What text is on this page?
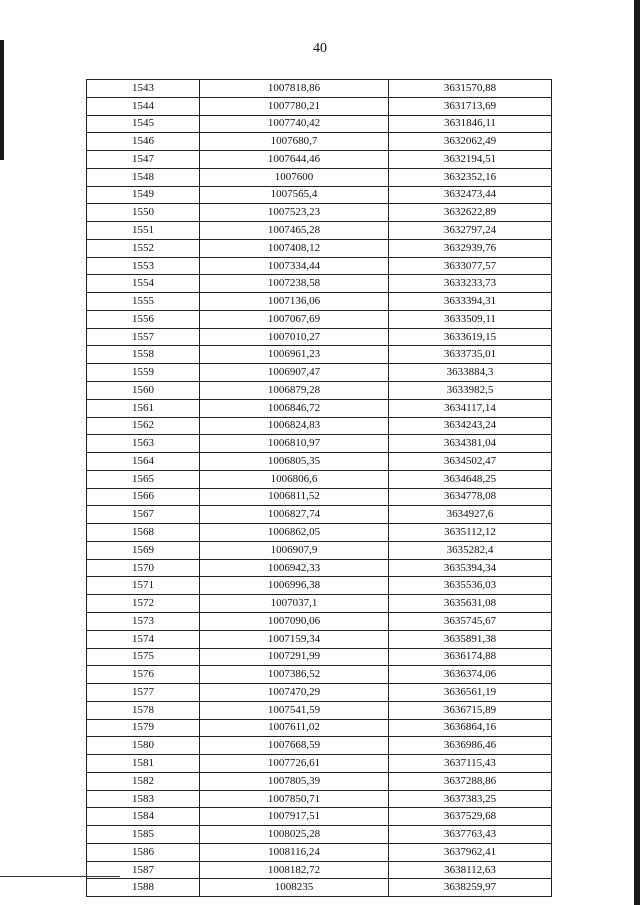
40
1543	1007818,86	3631570,88
1544	1007780,21	3631713,69
1545	1007740,42	3631846,11
1546	1007680,7	3632062,49
1547	1007644,46	3632194,51
1548	1007600	3632352,16
1549	1007565,4	3632473,44
1550	1007523,23	3632622,89
1551	1007465,28	3632797,24
1552	1007408,12	3632939,76
1553	1007334,44	3633077,57
1554	1007238,58	3633233,73
1555	1007136,06	3633394,31
1556	1007067,69	3633509,11
1557	1007010,27	3633619,15
1558	1006961,23	3633735,01
1559	1006907,47	3633884,3
1560	1006879,28	3633982,5
1561	1006846,72	3634117,14
1562	1006824,83	3634243,24
1563	1006810,97	3634381,04
1564	1006805,35	3634502,47
1565	1006806,6	3634648,25
1566	1006811,52	3634778,08
1567	1006827,74	3634927,6
1568	1006862,05	3635112,12
1569	1006907,9	3635282,4
1570	1006942,33	3635394,34
1571	1006996,38	3635536,03
1572	1007037,1	3635631,08
1573	1007090,06	3635745,67
1574	1007159,34	3635891,38
1575	1007291,99	3636174,88
1576	1007386,52	3636374,06
1577	1007470,29	3636561,19
1578	1007541,59	3636715,89
1579	1007611,02	3636864,16
1580	1007668,59	3636986,46
1581	1007726,61	3637115,43
1582	1007805,39	3637288,86
1583	1007850,71	3637383,25
1584	1007917,51	3637529,68
1585	1008025,28	3637763,43
1586	1008116,24	3637962,41
1587	1008182,72	3638112,63
1588	1008235	3638259,97
